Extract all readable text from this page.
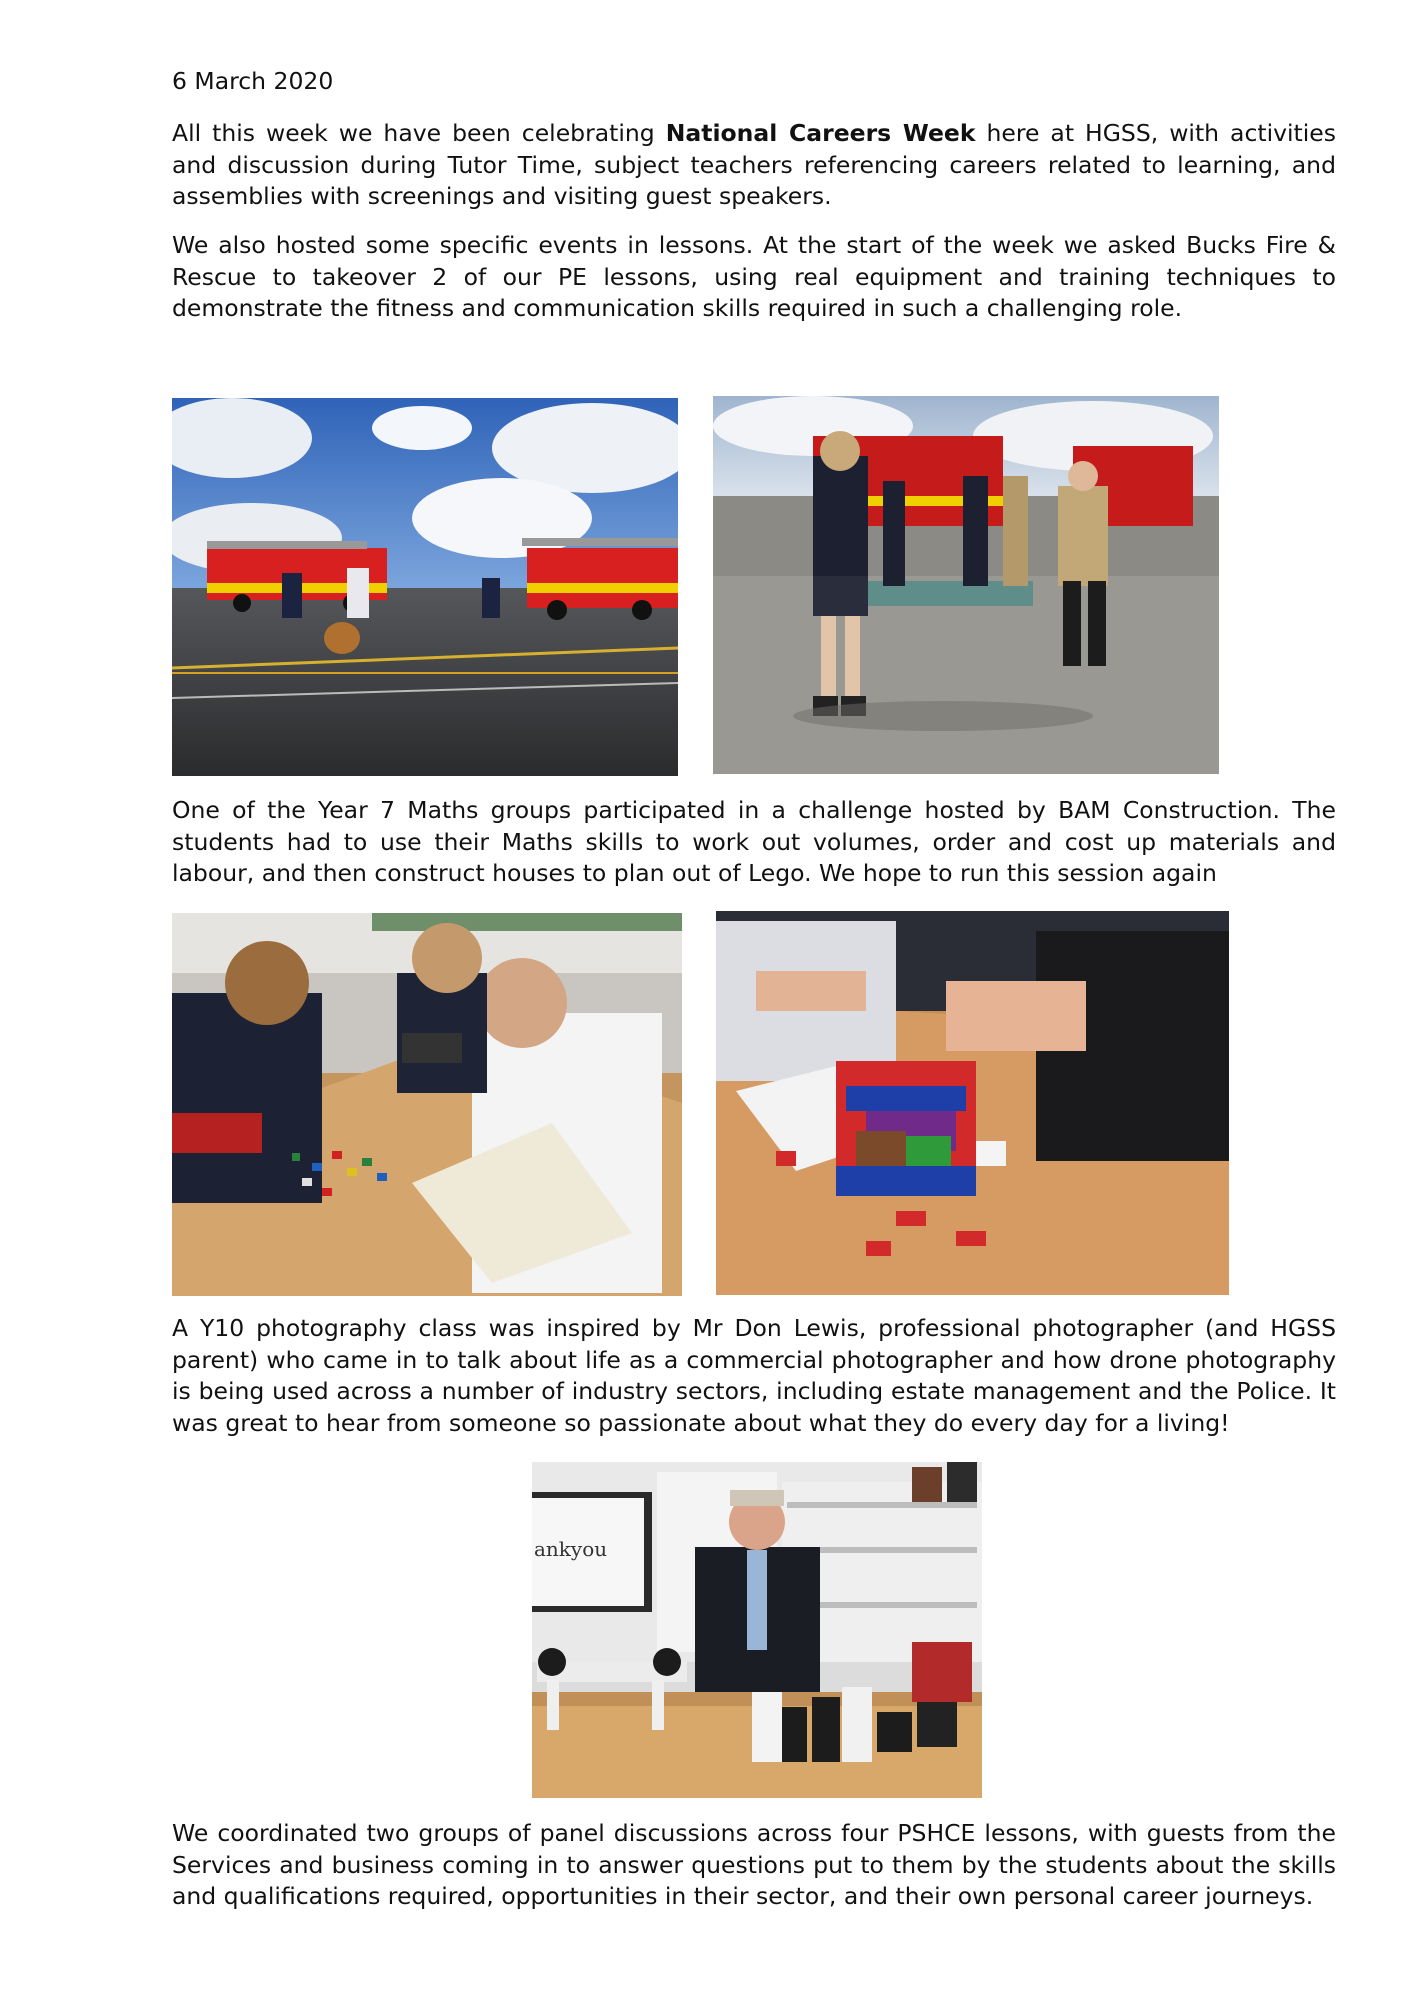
6 March 2020

All this week we have been celebrating National Careers Week here at HGSS, with activities and discussion during Tutor Time, subject teachers referencing careers related to learning, and assemblies with screenings and visiting guest speakers.

We also hosted some specific events in lessons. At the start of the week we asked Bucks Fire & Rescue to takeover 2 of our PE lessons, using real equipment and training techniques to demonstrate the fitness and communication skills required in such a challenging role.

One of the Year 7 Maths groups participated in a challenge hosted by BAM Construction. The students had to use their Maths skills to work out volumes, order and cost up materials and labour, and then construct houses to plan out of Lego. We hope to run this session again

A Y10 photography class was inspired by Mr Don Lewis, professional photographer (and HGSS parent) who came in to talk about life as a commercial photographer and how drone photography is being used across a number of industry sectors, including estate management and the Police. It was great to hear from someone so passionate about what they do every day for a living!

ankyou

We coordinated two groups of panel discussions across four PSHCE lessons, with guests from the Services and business coming in to answer questions put to them by the students about the skills and qualifications required, opportunities in their sector, and their own personal career journeys.
